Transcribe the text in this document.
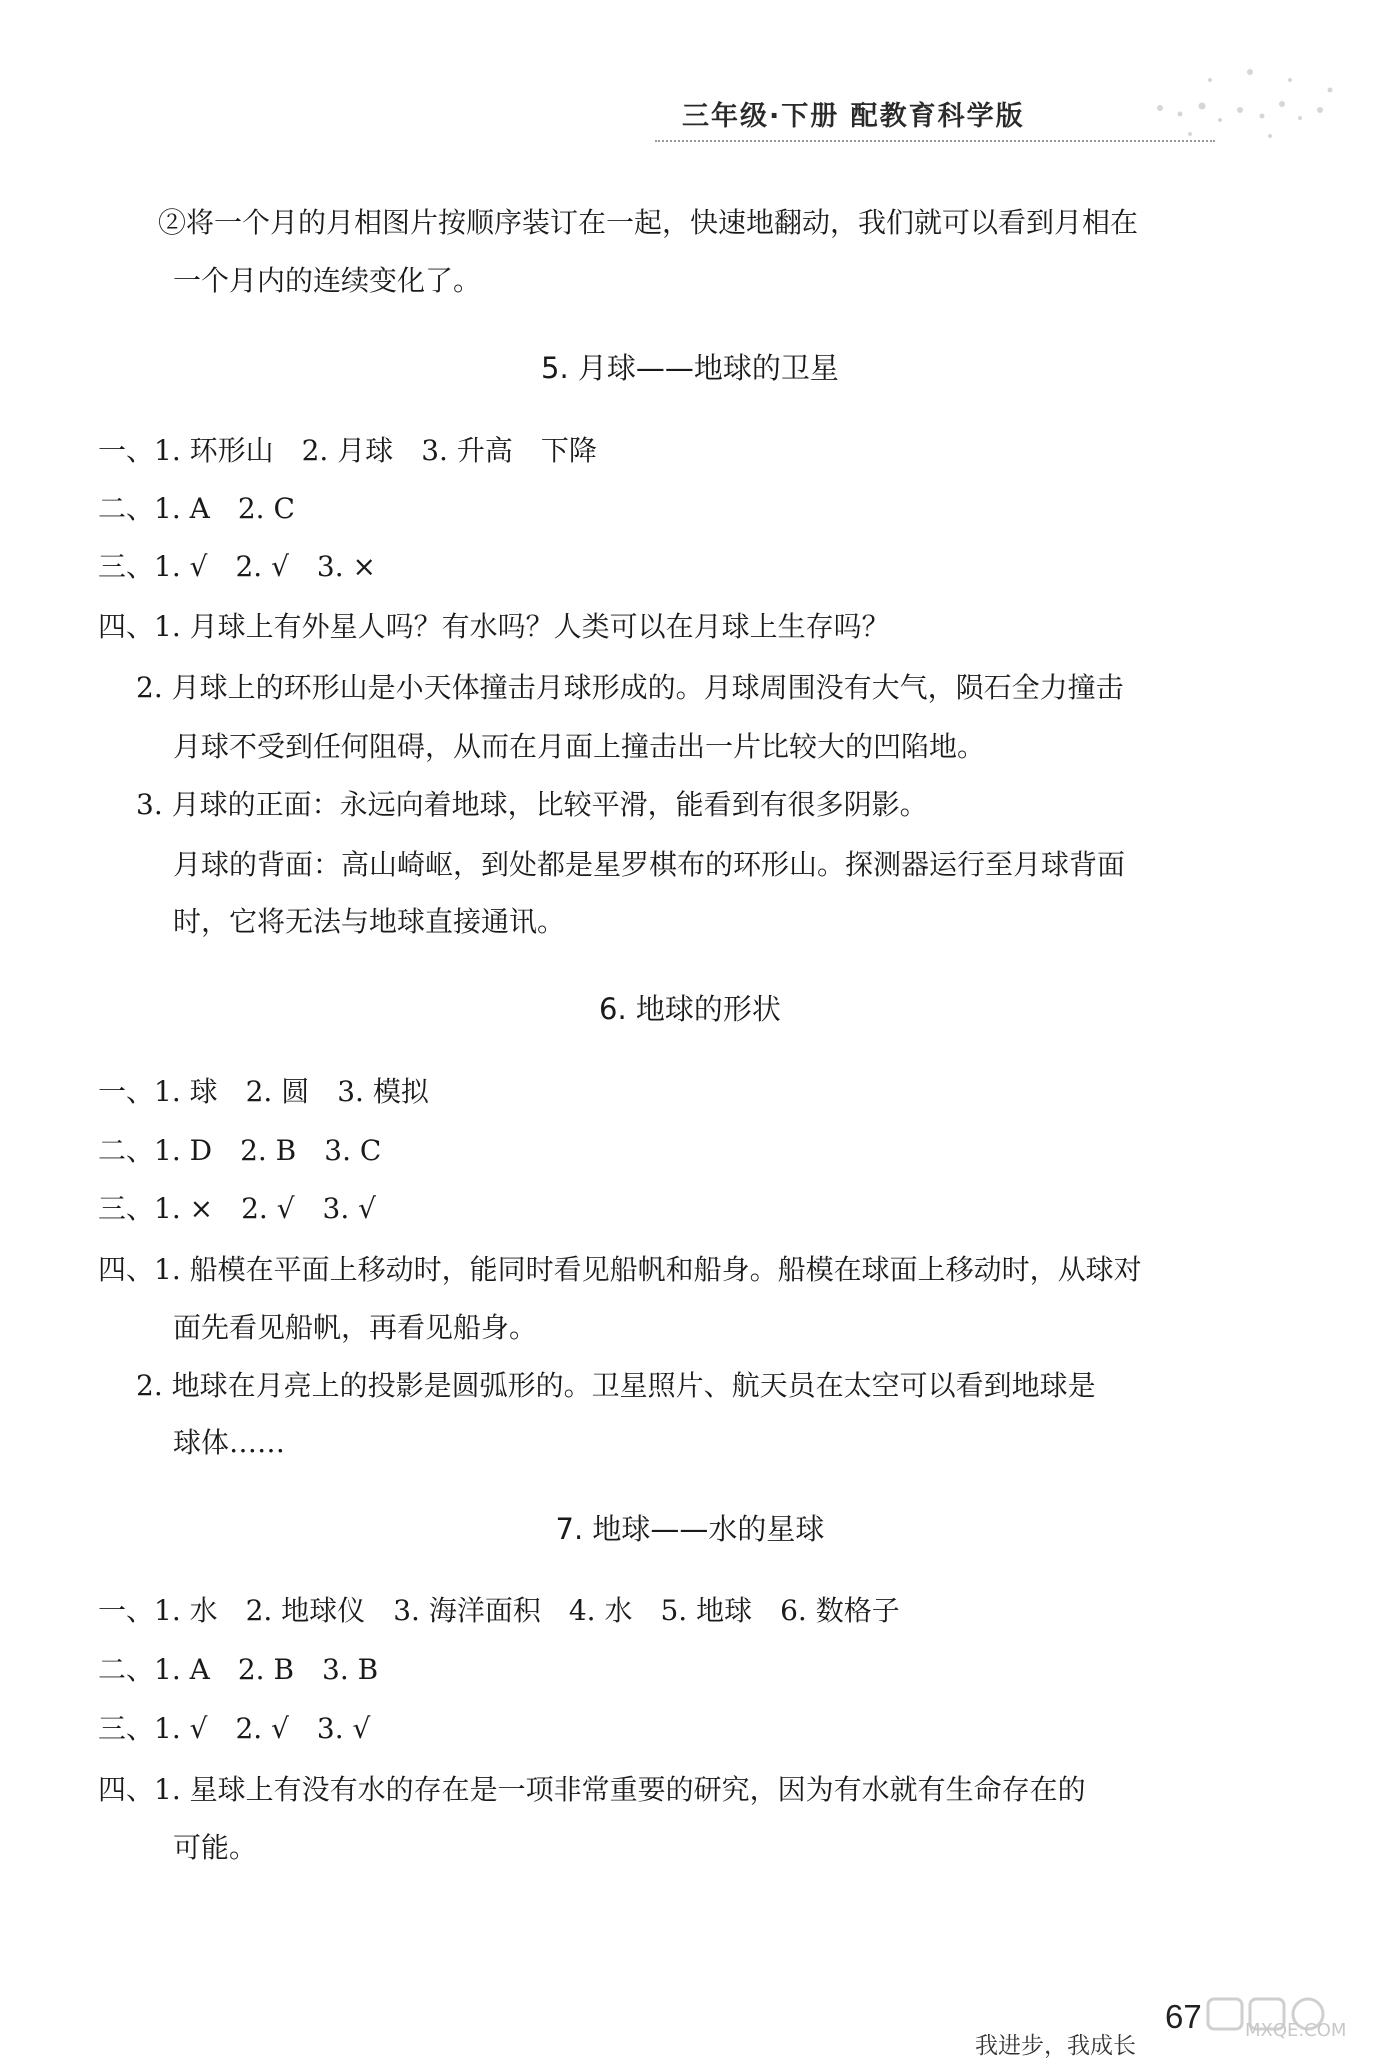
三年级·下册 配教育科学版
②将一个月的月相图片按顺序装订在一起，快速地翻动，我们就可以看到月相在
一个月内的连续变化了。
5. 月球——地球的卫星
一、1. 环形山　2. 月球　3. 升高　下降
二、1. A　2. C
三、1. √　2. √　3. ×
四、1. 月球上有外星人吗？有水吗？人类可以在月球上生存吗？
2. 月球上的环形山是小天体撞击月球形成的。月球周围没有大气，陨石全力撞击
月球不受到任何阻碍，从而在月面上撞击出一片比较大的凹陷地。
3. 月球的正面：永远向着地球，比较平滑，能看到有很多阴影。
月球的背面：高山崎岖，到处都是星罗棋布的环形山。探测器运行至月球背面
时，它将无法与地球直接通讯。
6. 地球的形状
一、1. 球　2. 圆　3. 模拟
二、1. D　2. B　3. C
三、1. ×　2. √　3. √
四、1. 船模在平面上移动时，能同时看见船帆和船身。船模在球面上移动时，从球对
面先看见船帆，再看见船身。
2. 地球在月亮上的投影是圆弧形的。卫星照片、航天员在太空可以看到地球是
球体……
7. 地球——水的星球
一、1. 水　2. 地球仪　3. 海洋面积　4. 水　5. 地球　6. 数格子
二、1. A　2. B　3. B
三、1. √　2. √　3. √
四、1. 星球上有没有水的存在是一项非常重要的研究，因为有水就有生命存在的
可能。
我进步，我成长
67 MXQE.COM
